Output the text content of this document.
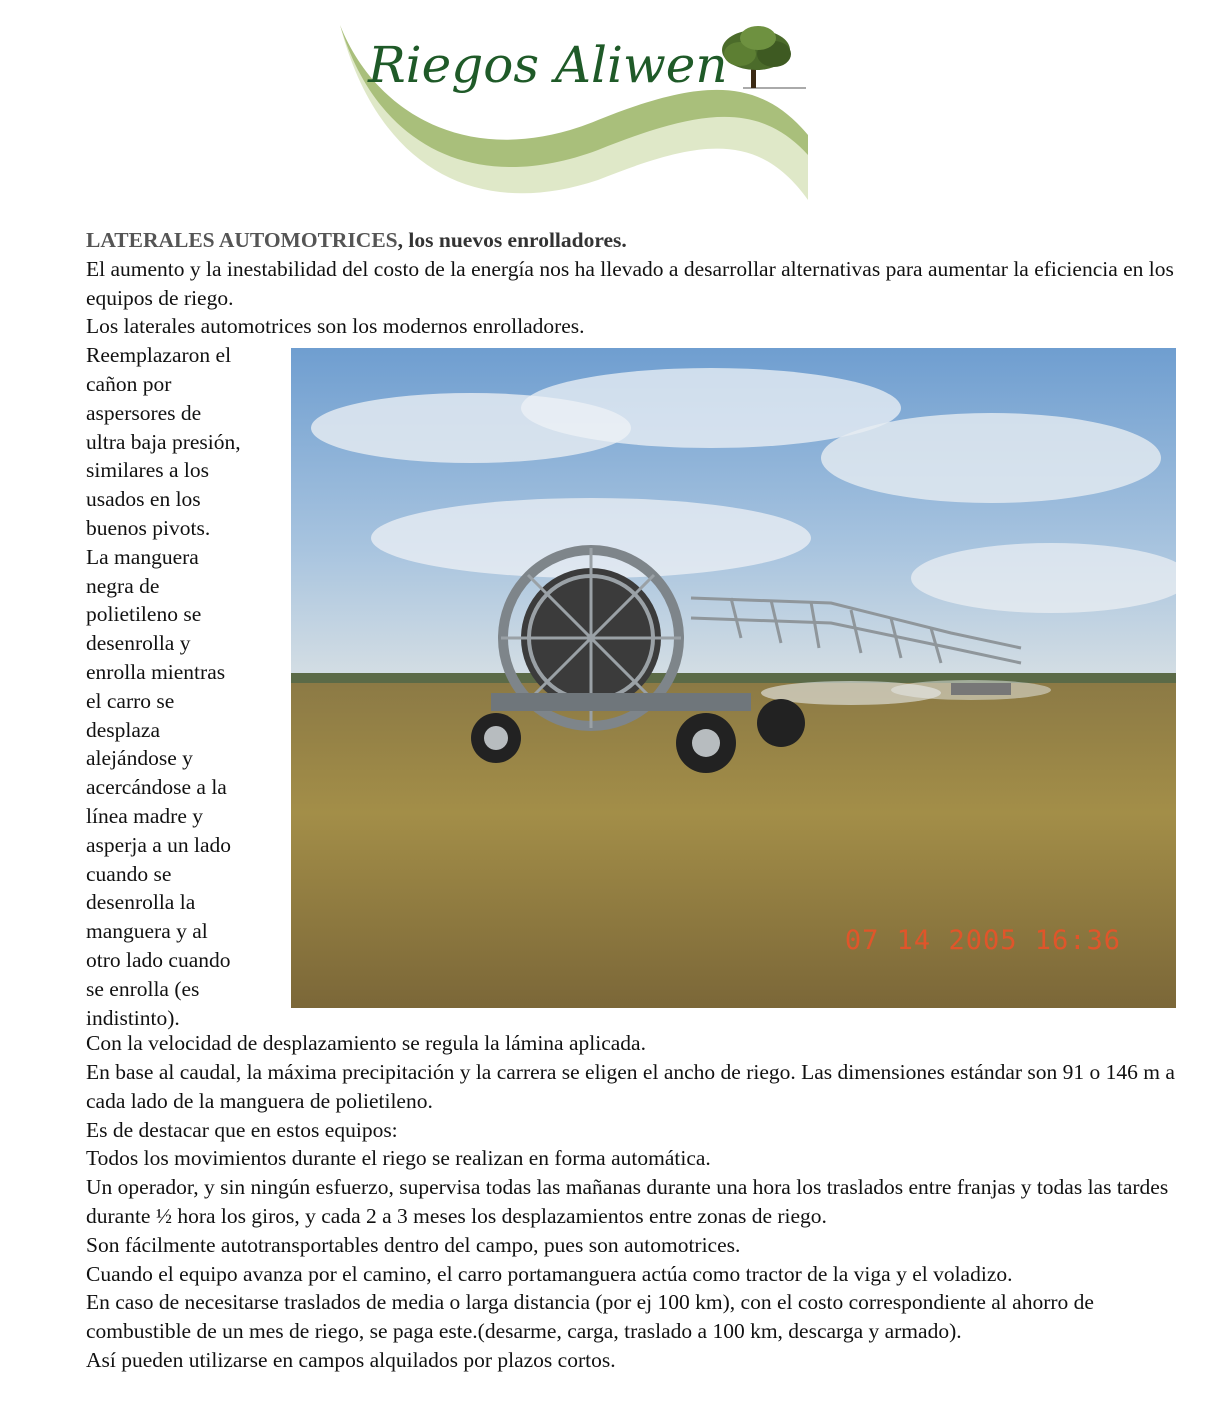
Riegos Aliwen

LATERALES AUTOMOTRICES, los nuevos enrolladores.

El aumento y la inestabilidad del costo de la energía nos ha llevado a desarrollar alternativas para aumentar la eficiencia en los equipos de riego.

Los laterales automotrices son los modernos enrolladores.

Reemplazaron el
cañon por
aspersores de
ultra baja presión,
similares a los
usados en los
buenos pivots.
La manguera
negra de
polietileno se
desenrolla y
enrolla mientras
el carro se
desplaza
alejándose y
acercándose a la
línea madre y
asperja a un lado
cuando se
desenrolla la
manguera y al
otro lado cuando
se enrolla (es
indistinto).
07 14 2005 16:36

Con la velocidad de desplazamiento se regula la lámina aplicada.

En base al caudal, la máxima precipitación y la carrera se eligen el ancho de riego. Las dimensiones estándar son 91 o 146 m a cada lado de la manguera de polietileno.

Es de destacar que en estos equipos:

Todos los movimientos durante el riego se realizan en forma automática.

Un operador, y sin ningún esfuerzo, supervisa todas las mañanas durante una hora los traslados entre franjas y todas las tardes durante ½ hora los giros, y cada 2 a 3 meses los desplazamientos entre zonas de riego.

Son fácilmente autotransportables dentro del campo, pues son automotrices.

Cuando el equipo avanza por el camino, el carro portamanguera actúa como tractor de la viga y el voladizo.

En caso de necesitarse traslados de media o larga distancia (por ej 100 km), con el costo correspondiente al ahorro de combustible de un mes de riego, se paga este.(desarme, carga, traslado a 100 km, descarga y armado).

Así pueden utilizarse en campos alquilados por plazos cortos.
